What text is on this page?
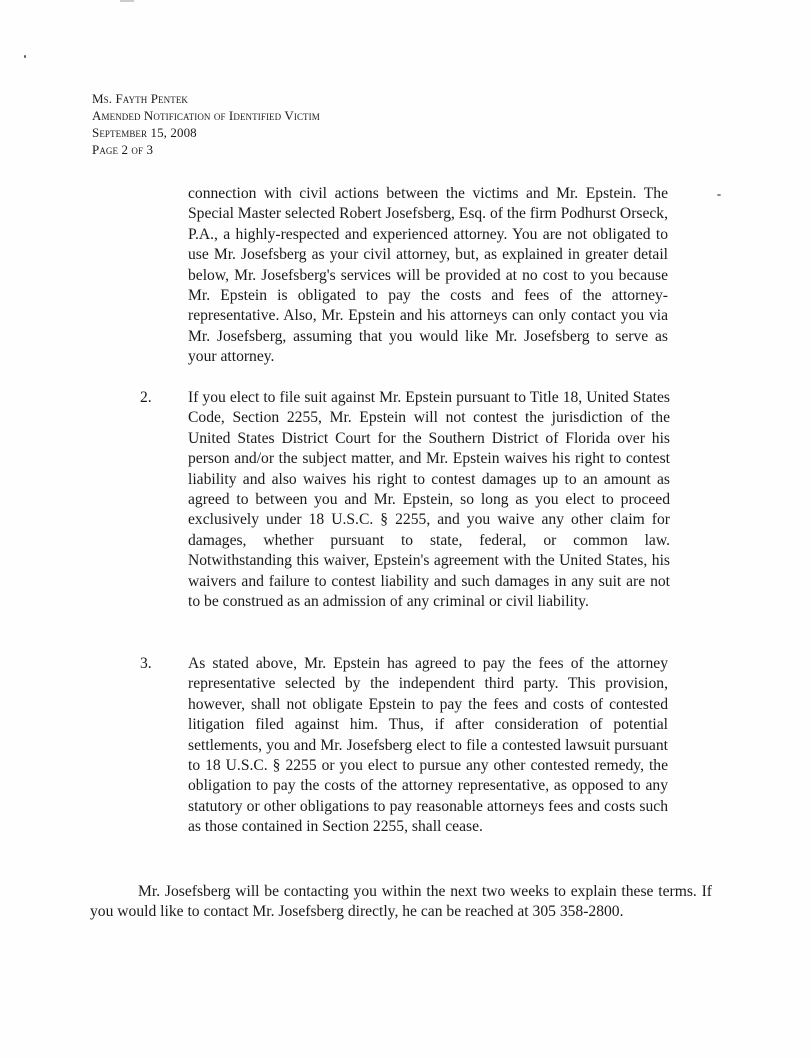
Ms. Fayth Pentek
Amended Notification of Identified Victim
September 15, 2008
Page 2 of 3
connection with civil actions between the victims and Mr. Epstein. The Special Master selected Robert Josefsberg, Esq. of the firm Podhurst Orseck, P.A., a highly-respected and experienced attorney. You are not obligated to use Mr. Josefsberg as your civil attorney, but, as explained in greater detail below, Mr. Josefsberg's services will be provided at no cost to you because Mr. Epstein is obligated to pay the costs and fees of the attorney-representative. Also, Mr. Epstein and his attorneys can only contact you via Mr. Josefsberg, assuming that you would like Mr. Josefsberg to serve as your attorney.
2. If you elect to file suit against Mr. Epstein pursuant to Title 18, United States Code, Section 2255, Mr. Epstein will not contest the jurisdiction of the United States District Court for the Southern District of Florida over his person and/or the subject matter, and Mr. Epstein waives his right to contest liability and also waives his right to contest damages up to an amount as agreed to between you and Mr. Epstein, so long as you elect to proceed exclusively under 18 U.S.C. § 2255, and you waive any other claim for damages, whether pursuant to state, federal, or common law. Notwithstanding this waiver, Epstein's agreement with the United States, his waivers and failure to contest liability and such damages in any suit are not to be construed as an admission of any criminal or civil liability.
3. As stated above, Mr. Epstein has agreed to pay the fees of the attorney representative selected by the independent third party. This provision, however, shall not obligate Epstein to pay the fees and costs of contested litigation filed against him. Thus, if after consideration of potential settlements, you and Mr. Josefsberg elect to file a contested lawsuit pursuant to 18 U.S.C. § 2255 or you elect to pursue any other contested remedy, the obligation to pay the costs of the attorney representative, as opposed to any statutory or other obligations to pay reasonable attorneys fees and costs such as those contained in Section 2255, shall cease.
Mr. Josefsberg will be contacting you within the next two weeks to explain these terms. If you would like to contact Mr. Josefsberg directly, he can be reached at 305 358-2800.
